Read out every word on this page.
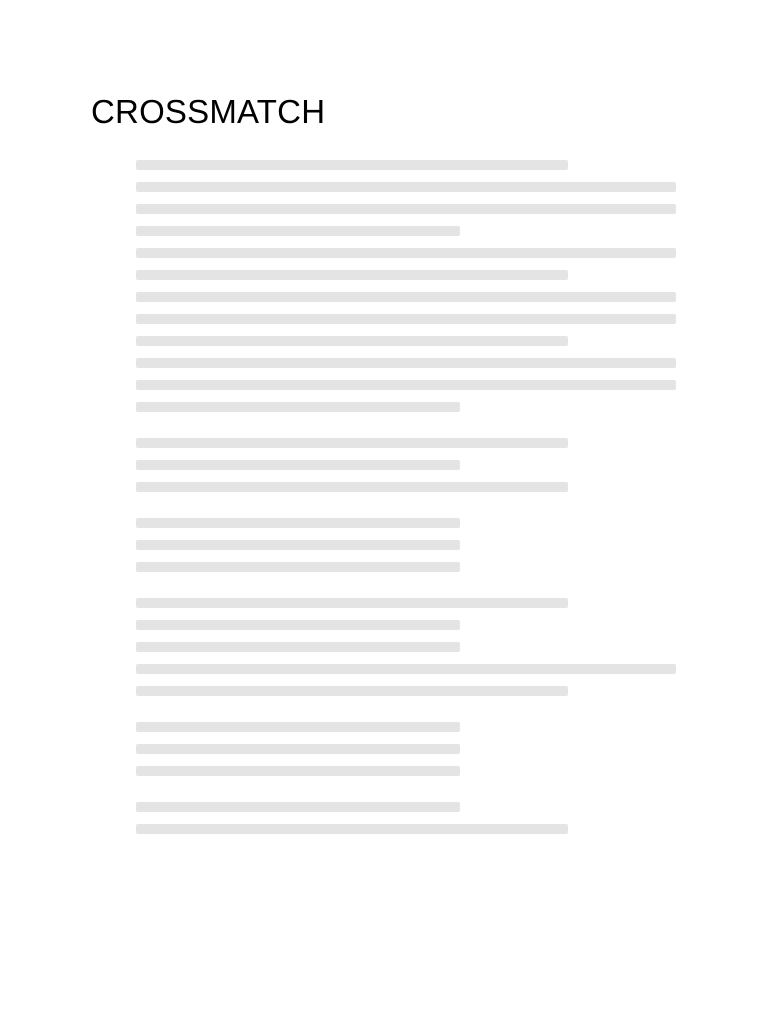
CROSSMATCH
